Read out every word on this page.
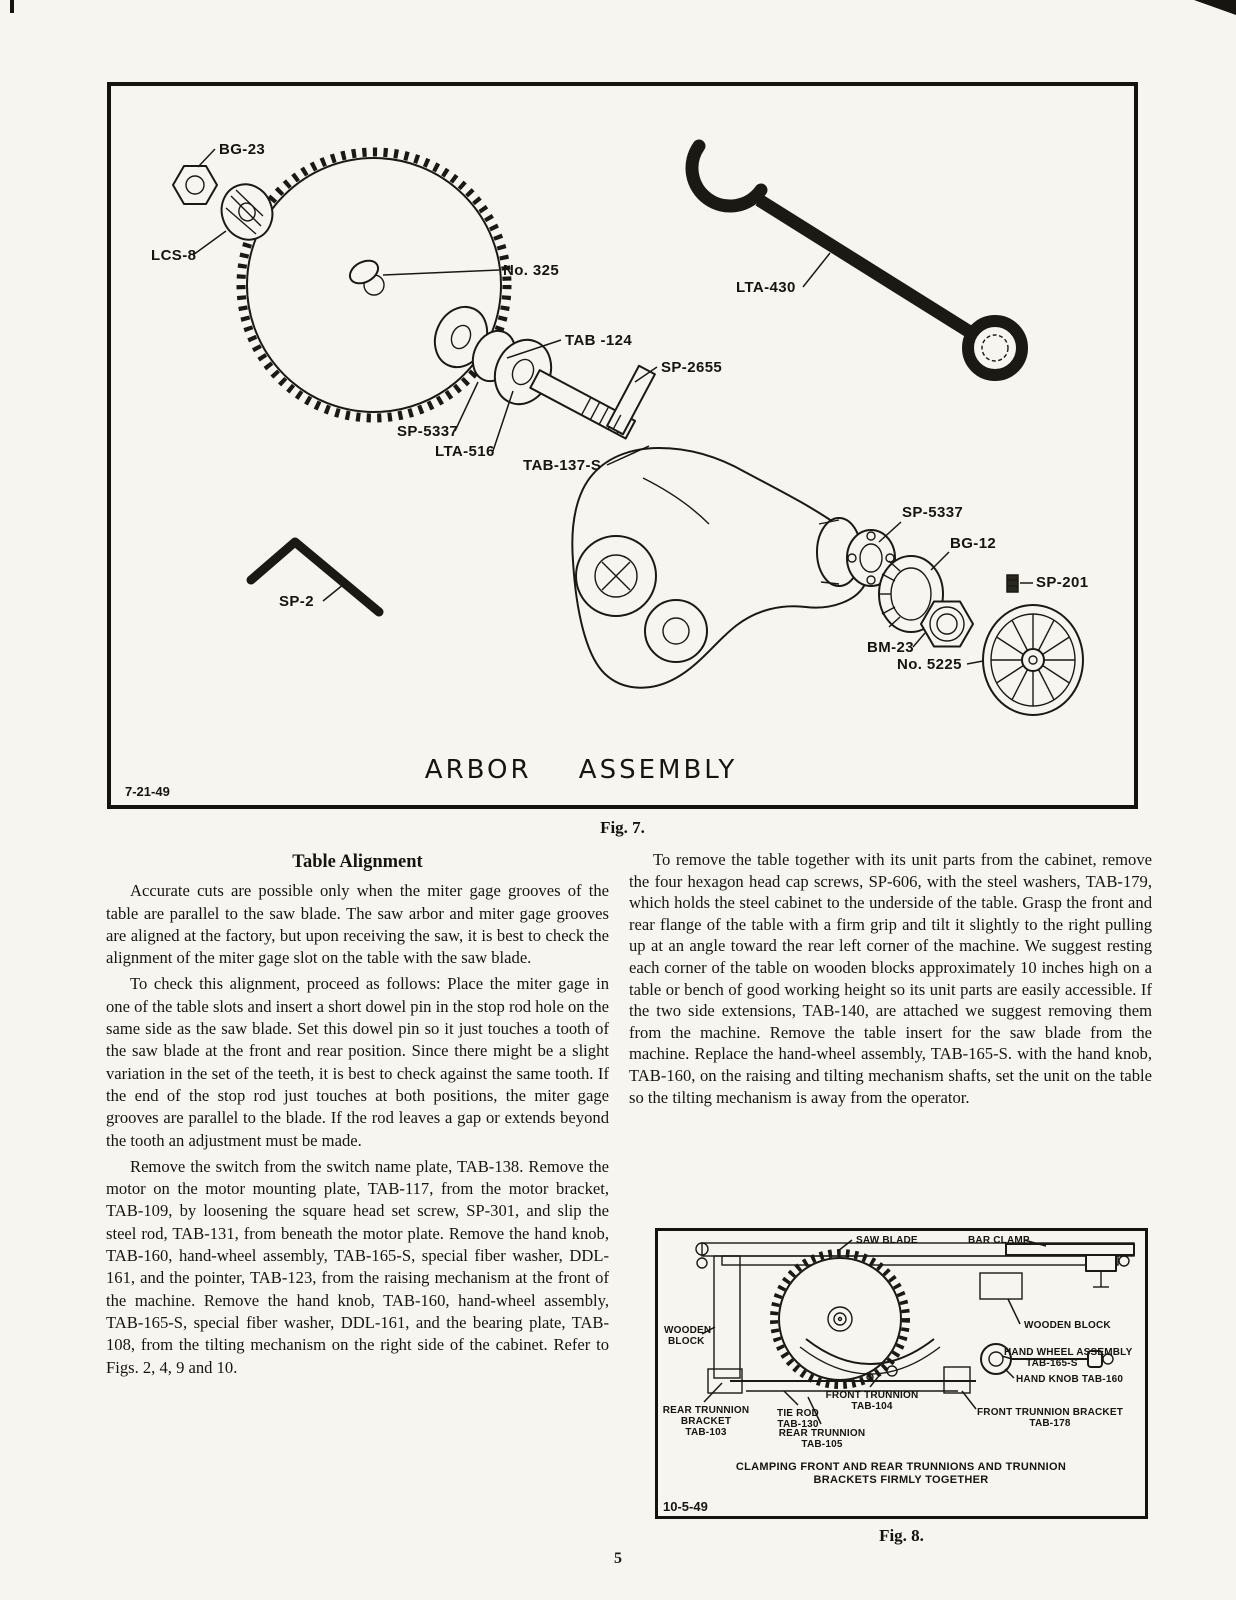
BG-23
LCS-8
No. 325
TAB -124
SP-2655
SP-5337
LTA-516
TAB-137-S
LTA-430
SP-5337
BG-12
SP-201
BM-23
No. 5225
SP-2
ARBOR ASSEMBLY
7-21-49
Fig. 7.
Table Alignment

Accurate cuts are possible only when the miter gage grooves of the table are parallel to the saw blade. The saw arbor and miter gage grooves are aligned at the factory, but upon receiving the saw, it is best to check the alignment of the miter gage slot on the table with the saw blade.

To check this alignment, proceed as follows: Place the miter gage in one of the table slots and insert a short dowel pin in the stop rod hole on the same side as the saw blade. Set this dowel pin so it just touches a tooth of the saw blade at the front and rear position. Since there might be a slight variation in the set of the teeth, it is best to check against the same tooth. If the end of the stop rod just touches at both positions, the miter gage grooves are parallel to the blade. If the rod leaves a gap or extends beyond the tooth an adjustment must be made.

Remove the switch from the switch name plate, TAB-138. Remove the motor on the motor mounting plate, TAB-117, from the motor bracket, TAB-109, by loosening the square head set screw, SP-301, and slip the steel rod, TAB-131, from beneath the motor plate. Remove the hand knob, TAB-160, hand-wheel assembly, TAB-165-S, special fiber washer, DDL-161, and the pointer, TAB-123, from the raising mechanism at the front of the machine. Remove the hand knob, TAB-160, hand-wheel assembly, TAB-165-S, special fiber washer, DDL-161, and the bearing plate, TAB-108, from the tilting mechanism on the right side of the cabinet. Refer to Figs. 2, 4, 9 and 10.

To remove the table together with its unit parts from the cabinet, remove the four hexagon head cap screws, SP-606, with the steel washers, TAB-179, which holds the steel cabinet to the underside of the table. Grasp the front and rear flange of the table with a firm grip and tilt it slightly to the right pulling up at an angle toward the rear left corner of the machine. We suggest resting each corner of the table on wooden blocks approximately 10 inches high on a table or bench of good working height so its unit parts are easily accessible. If the two side extensions, TAB-140, are attached we suggest removing them from the machine. Remove the table insert for the saw blade from the machine. Replace the hand-wheel assembly, TAB-165-S. with the hand knob, TAB-160, on the raising and tilting mechanism shafts, set the unit on the table so the tilting mechanism is away from the operator.

SAW BLADE	BAR CLAMP
WOODEN BLOCK
WOODEN
BLOCK
HAND WHEEL ASSEMBLY
TAB-165-S
HAND KNOB TAB-160
FRONT TRUNNION
TAB-104
REAR TRUNNION
BRACKET
TAB-103
TIE ROD
TAB-130
REAR TRUNNION
TAB-105
FRONT TRUNNION BRACKET
TAB-178
CLAMPING FRONT AND REAR TRUNNIONS AND TRUNNION
BRACKETS FIRMLY TOGETHER
10-5-49
Fig. 8.
5
